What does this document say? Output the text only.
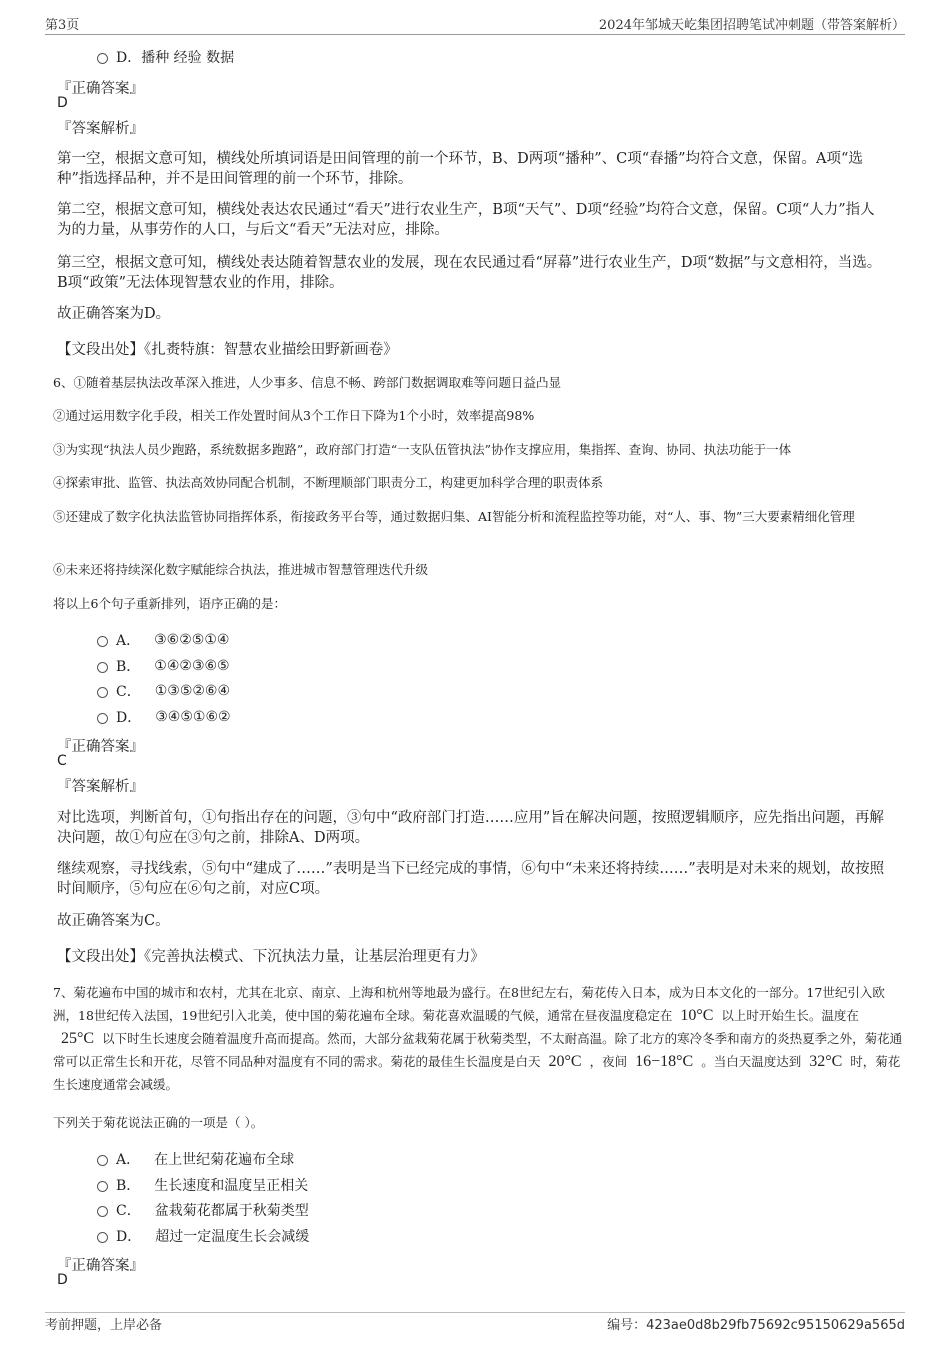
第3页	2024年邹城天屹集团招聘笔试冲刺题（带答案解析）
D．播种 经验 数据
『正确答案』
D
『答案解析』
第一空，根据文意可知，横线处所填词语是田间管理的前一个环节，B、D两项“播种”、C项“春播”均符合文意，保留。A项“选种”指选择品种，并不是田间管理的前一个环节，排除。
第二空，根据文意可知，横线处表达农民通过“看天”进行农业生产，B项“天气”、D项“经验”均符合文意，保留。C项“人力”指人为的力量，从事劳作的人口，与后文“看天”无法对应，排除。
第三空，根据文意可知，横线处表达随着智慧农业的发展，现在农民通过看“屏幕”进行农业生产，D项“数据”与文意相符，当选。B项“政策”无法体现智慧农业的作用，排除。
故正确答案为D。
【文段出处】《扎赉特旗：智慧农业描绘田野新画卷》
6、①随着基层执法改革深入推进，人少事多、信息不畅、跨部门数据调取难等问题日益凸显
②通过运用数字化手段，相关工作处置时间从3个工作日下降为1个小时，效率提高98%
③为实现“执法人员少跑路，系统数据多跑路”，政府部门打造“一支队伍管执法”协作支撑应用，集指挥、查询、协同、执法功能于一体
④探索审批、监管、执法高效协同配合机制，不断理顺部门职责分工，构建更加科学合理的职责体系
⑤还建成了数字化执法监管协同指挥体系，衔接政务平台等，通过数据归集、AI智能分析和流程监控等功能，对“人、事、物”三大要素精细化管理
⑥未来还将持续深化数字赋能综合执法，推进城市智慧管理迭代升级
将以上6个句子重新排列，语序正确的是：
A． ③⑥②⑤①④
B． ①④②③⑥⑤
C． ①③⑤②⑥④
D． ③④⑤①⑥②
『正确答案』
C
『答案解析』
对比选项，判断首句，①句指出存在的问题，③句中“政府部门打造……应用”旨在解决问题，按照逻辑顺序，应先指出问题，再解决问题，故①句应在③句之前，排除A、D两项。
继续观察，寻找线索，⑤句中“建成了……”表明是当下已经完成的事情，⑥句中“未来还将持续……”表明是对未来的规划，故按照时间顺序，⑤句应在⑥句之前，对应C项。
故正确答案为C。
【文段出处】《完善执法模式、下沉执法力量，让基层治理更有力》
7、菊花遍布中国的城市和农村，尤其在北京、南京、上海和杭州等地最为盛行。在8世纪左右，菊花传入日本，成为日本文化的一部分。17世纪引入欧洲，18世纪传入法国，19世纪引入北美，使中国的菊花遍布全球。菊花喜欢温暖的气候，通常在昼夜温度稳定在 10°C 以上时开始生长。温度在25°C 以下时生长速度会随着温度升高而提高。然而，大部分盆栽菊花属于秋菊类型，不太耐高温。除了北方的寒冷冬季和南方的炎热夏季之外，菊花通常可以正常生长和开花，尽管不同品种对温度有不同的需求。菊花的最佳生长温度是白天 20°C ，夜间 16−18°C 。当白天温度达到 32°C 时，菊花生长速度通常会减缓。
下列关于菊花说法正确的一项是（ ）。
A． 在上世纪菊花遍布全球
B． 生长速度和温度呈正相关
C． 盆栽菊花都属于秋菊类型
D． 超过一定温度生长会减缓
『正确答案』
D
考前押题，上岸必备	编号：423ae0d8b29fb75692c95150629a565d
